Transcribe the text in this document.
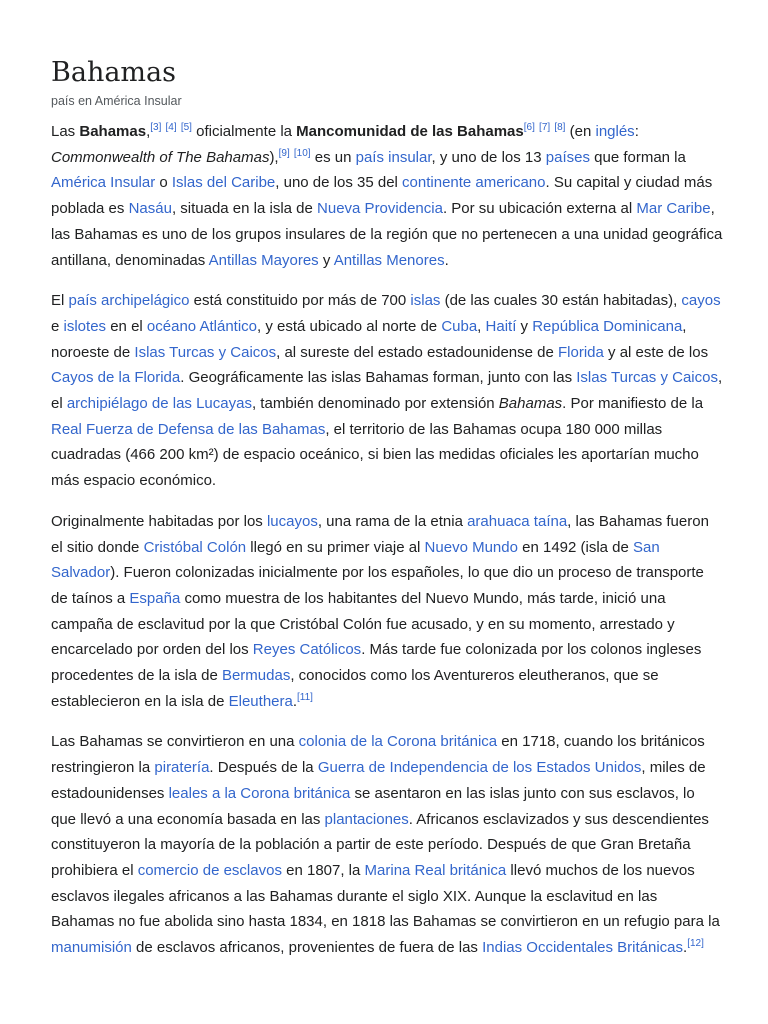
Bahamas
país en América Insular

Las Bahamas,[3] [4] [5] oficialmente la Mancomunidad de las Bahamas[6] [7] [8] (en inglés: Commonwealth of The Bahamas),[9] [10] es un país insular, y uno de los 13 países que forman la América Insular o Islas del Caribe, uno de los 35 del continente americano. Su capital y ciudad más poblada es Nasáu, situada en la isla de Nueva Providencia. Por su ubicación externa al Mar Caribe, las Bahamas es uno de los grupos insulares de la región que no pertenecen a una unidad geográfica antillana, denominadas Antillas Mayores y Antillas Menores.

El país archipelágico está constituido por más de 700 islas (de las cuales 30 están habitadas), cayos e islotes en el océano Atlántico, y está ubicado al norte de Cuba, Haití y República Dominicana, noroeste de Islas Turcas y Caicos, al sureste del estado estadounidense de Florida y al este de los Cayos de la Florida. Geográficamente las islas Bahamas forman, junto con las Islas Turcas y Caicos, el archipiélago de las Lucayas, también denominado por extensión Bahamas. Por manifiesto de la Real Fuerza de Defensa de las Bahamas, el territorio de las Bahamas ocupa 180 000 millas cuadradas (466 200 km²) de espacio oceánico, si bien las medidas oficiales les aportarían mucho más espacio económico.

Originalmente habitadas por los lucayos, una rama de la etnia arahuaca taína, las Bahamas fueron el sitio donde Cristóbal Colón llegó en su primer viaje al Nuevo Mundo en 1492 (isla de San Salvador). Fueron colonizadas inicialmente por los españoles, lo que dio un proceso de transporte de taínos a España como muestra de los habitantes del Nuevo Mundo, más tarde, inició una campaña de esclavitud por la que Cristóbal Colón fue acusado, y en su momento, arrestado y encarcelado por orden del los Reyes Católicos. Más tarde fue colonizada por los colonos ingleses procedentes de la isla de Bermudas, conocidos como los Aventureros eleutheranos, que se establecieron en la isla de Eleuthera.[11]

Las Bahamas se convirtieron en una colonia de la Corona británica en 1718, cuando los británicos restringieron la piratería. Después de la Guerra de Independencia de los Estados Unidos, miles de estadounidenses leales a la Corona británica se asentaron en las islas junto con sus esclavos, lo que llevó a una economía basada en las plantaciones. Africanos esclavizados y sus descendientes constituyeron la mayoría de la población a partir de este período. Después de que Gran Bretaña prohibiera el comercio de esclavos en 1807, la Marina Real británica llevó muchos de los nuevos esclavos ilegales africanos a las Bahamas durante el siglo XIX. Aunque la esclavitud en las Bahamas no fue abolida sino hasta 1834, en 1818 las Bahamas se convirtieron en un refugio para la manumisión de esclavos africanos, provenientes de fuera de las Indias Occidentales Británicas.[12]
